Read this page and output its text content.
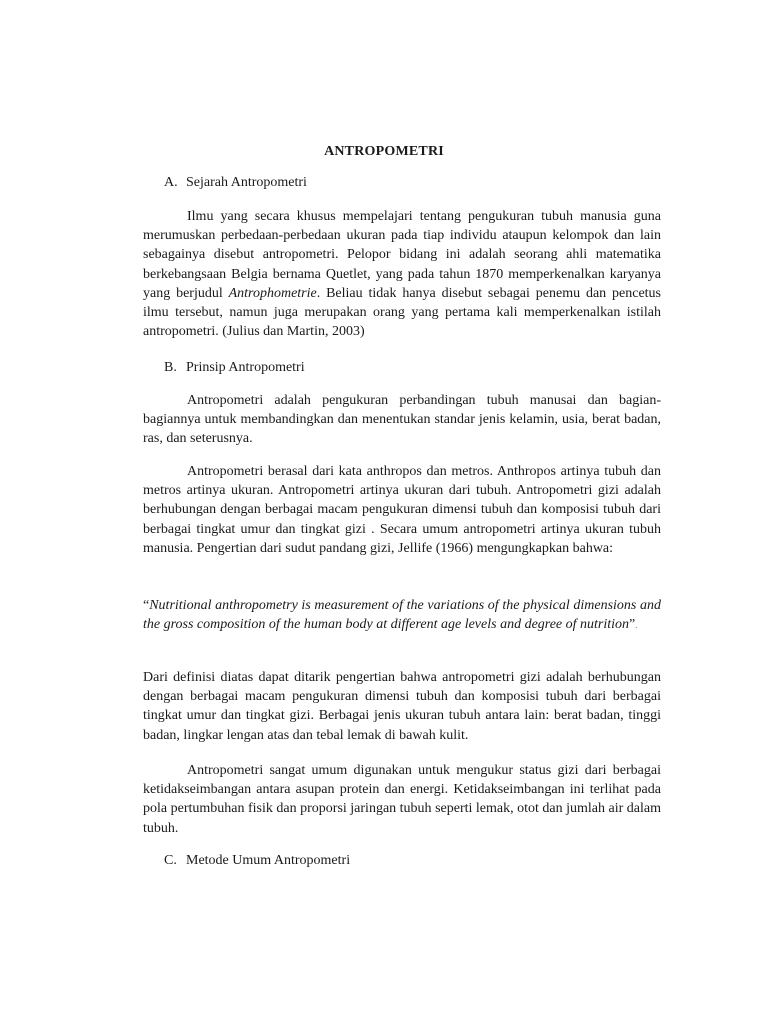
ANTROPOMETRI
A. Sejarah Antropometri
Ilmu yang secara khusus mempelajari tentang pengukuran tubuh manusia guna merumuskan perbedaan-perbedaan ukuran pada tiap individu ataupun kelompok dan lain sebagainya disebut antropometri. Pelopor bidang ini adalah seorang ahli matematika berkebangsaan Belgia bernama Quetlet, yang pada tahun 1870 memperkenalkan karyanya yang berjudul Antrophometrie. Beliau tidak hanya disebut sebagai penemu dan pencetus ilmu tersebut, namun juga merupakan orang yang pertama kali memperkenalkan istilah antropometri. (Julius dan Martin, 2003)
B. Prinsip Antropometri
Antropometri adalah pengukuran perbandingan tubuh manusai dan bagian-bagiannya untuk membandingkan dan menentukan standar jenis kelamin, usia, berat badan, ras, dan seterusnya.
Antropometri berasal dari kata anthropos dan metros. Anthropos artinya tubuh dan metros artinya ukuran. Antropometri artinya ukuran dari tubuh. Antropometri gizi adalah berhubungan dengan berbagai macam pengukuran dimensi tubuh dan komposisi tubuh dari berbagai tingkat umur dan tingkat gizi . Secara umum antropometri artinya ukuran tubuh manusia. Pengertian dari sudut pandang gizi, Jellife (1966) mengungkapkan bahwa:
“Nutritional anthropometry is measurement of the variations of the physical dimensions and the gross composition of the human body at different age levels and degree of nutrition”.
Dari definisi diatas dapat ditarik pengertian bahwa antropometri gizi adalah berhubungan dengan berbagai macam pengukuran dimensi tubuh dan komposisi tubuh dari berbagai tingkat umur dan tingkat gizi. Berbagai jenis ukuran tubuh antara lain: berat badan, tinggi badan, lingkar lengan atas dan tebal lemak di bawah kulit.
Antropometri sangat umum digunakan untuk mengukur status gizi dari berbagai ketidakseimbangan antara asupan protein dan energi. Ketidakseimbangan ini terlihat pada pola pertumbuhan fisik dan proporsi jaringan tubuh seperti lemak, otot dan jumlah air dalam tubuh.
C. Metode Umum Antropometri
